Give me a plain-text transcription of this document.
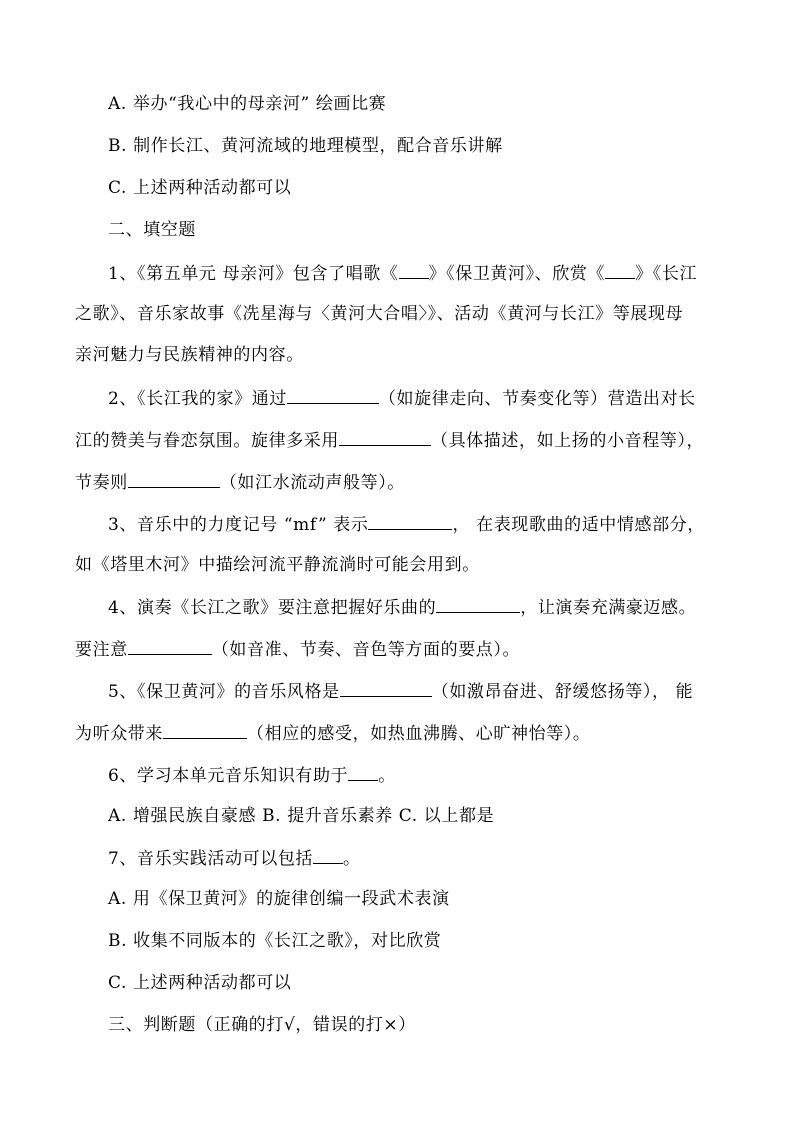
A. 举办“我心中的母亲河” 绘画比赛
B. 制作长江、黄河流域的地理模型，配合音乐讲解
C. 上述两种活动都可以
二、填空题
1、《第五单元 母亲河》包含了唱歌《 》《保卫黄河》、欣赏《 》《长江
之歌》、音乐家故事《冼星海与〈黄河大合唱〉》、活动《黄河与长江》等展现母
亲河魅力与民族精神的内容。
2、《长江我的家》通过	（如旋律走向、节奏变化等）营造出对长
江的赞美与眷恋氛围。旋律多采用	（具体描述，如上扬的小音程等），
节奏则	（如江水流动声般等）。
3、音乐中的力度记号 “mf” 表示	， 在表现歌曲的适中情感部分，
如《塔里木河》中描绘河流平静流淌时可能会用到。
4、演奏《长江之歌》要注意把握好乐曲的	，让演奏充满豪迈感。
要注意	（如音准、节奏、音色等方面的要点）。
5、《保卫黄河》的音乐风格是	（如激昂奋进、舒缓悠扬等）， 能
为听众带来	（相应的感受，如热血沸腾、心旷神怡等）。
6、学习本单元音乐知识有助于 。
A. 增强民族自豪感 B. 提升音乐素养 C. 以上都是
7、音乐实践活动可以包括 。
A. 用《保卫黄河》的旋律创编一段武术表演
B. 收集不同版本的《长江之歌》，对比欣赏
C. 上述两种活动都可以
三、判断题（正确的打√，错误的打×）
